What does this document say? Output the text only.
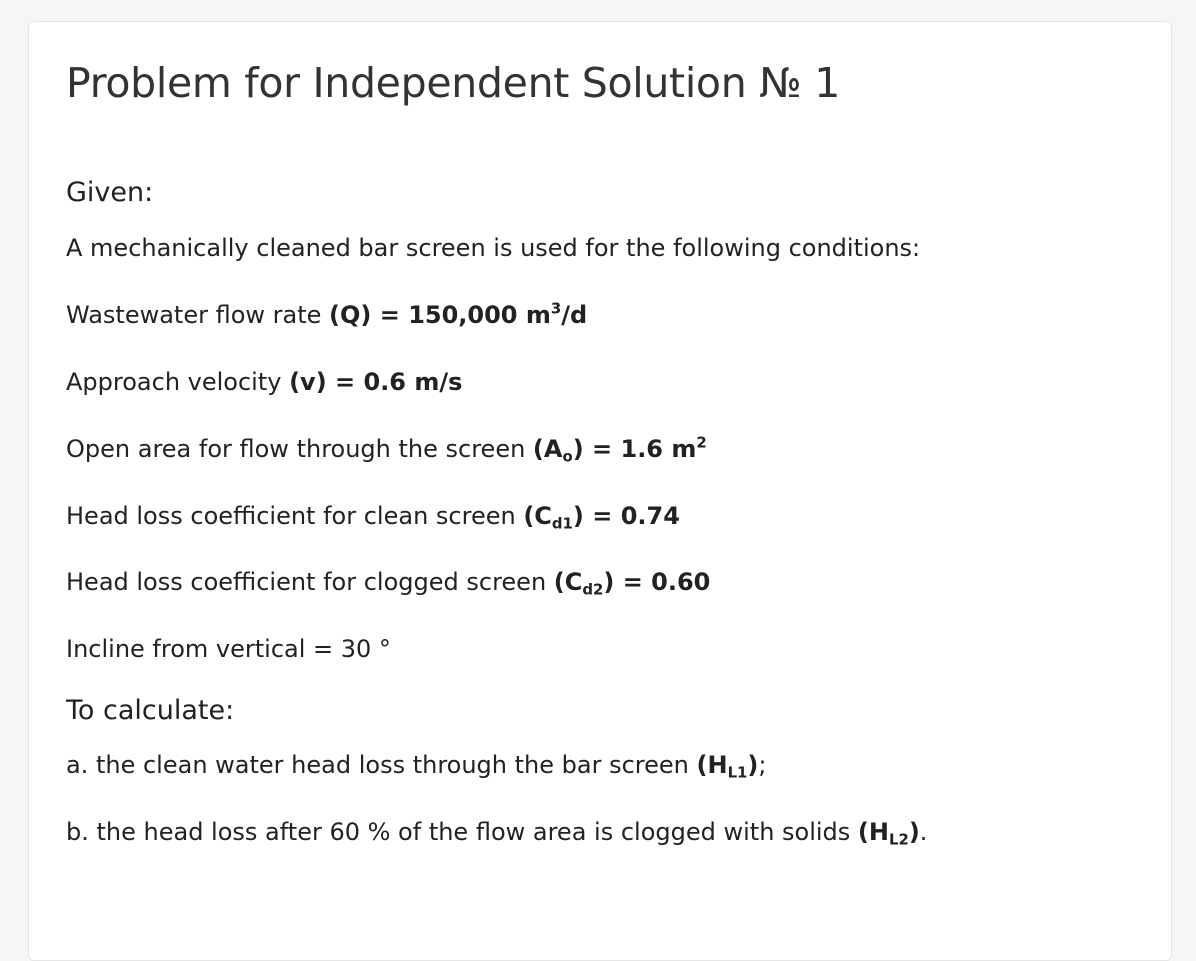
Problem for Independent Solution № 1
Given:

A mechanically cleaned bar screen is used for the following conditions:

Wastewater flow rate (Q) = 150,000 $m^3/d$

Approach velocity (v) = 0.6 m/s

Open area for flow through the screen $(A_o) = 1.6$ $m^2$

Head loss coefficient for clean screen $(C_{d1}) = 0.74$

Head loss coefficient for clogged screen $(C_{d2}) = 0.60$

Incline from vertical = 30 °

To calculate:

a. the clean water head loss through the bar screen $(H_{L1})$;

b. the head loss after 60 % of the flow area is clogged with solids $(H_{L2})$.
